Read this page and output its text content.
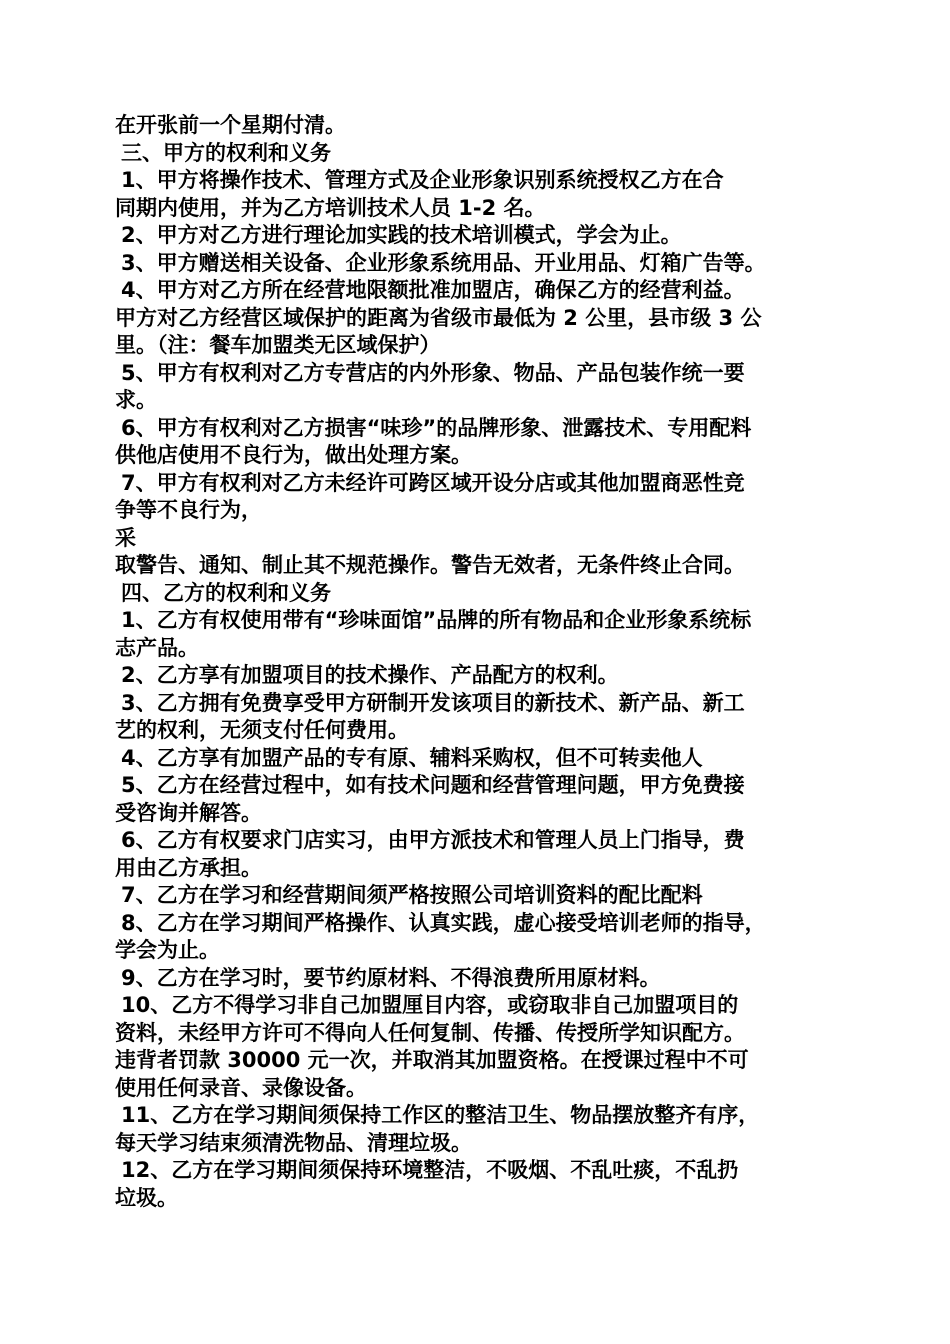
在开张前一个星期付清。
三、甲方的权利和义务
1、甲方将操作技术、管理方式及企业形象识别系统授权乙方在合
同期内使用，并为乙方培训技术人员 1-2 名。
2、甲方对乙方进行理论加实践的技术培训模式，学会为止。
3、甲方赠送相关设备、企业形象系统用品、开业用品、灯箱广告等。
4、甲方对乙方所在经营地限额批准加盟店，确保乙方的经营利益。
甲方对乙方经营区域保护的距离为省级市最低为 2 公里，县市级 3 公
里。（注：餐车加盟类无区域保护）
5、甲方有权利对乙方专营店的内外形象、物品、产品包装作统一要
求。
6、甲方有权利对乙方损害“味珍”的品牌形象、泄露技术、专用配料
供他店使用不良行为，做出处理方案。
7、甲方有权利对乙方未经许可跨区域开设分店或其他加盟商恶性竞
争等不良行为，
采
取警告、通知、制止其不规范操作。警告无效者，无条件终止合同。
四、乙方的权利和义务
1、乙方有权使用带有“珍味面馆”品牌的所有物品和企业形象系统标
志产品。
2、乙方享有加盟项目的技术操作、产品配方的权利。
3、乙方拥有免费享受甲方研制开发该项目的新技术、新产品、新工
艺的权利，无须支付任何费用。
4、乙方享有加盟产品的专有原、辅料采购权，但不可转卖他人
5、乙方在经营过程中，如有技术问题和经营管理问题，甲方免费接
受咨询并解答。
6、乙方有权要求门店实习，由甲方派技术和管理人员上门指导，费
用由乙方承担。
7、乙方在学习和经营期间须严格按照公司培训资料的配比配料
8、乙方在学习期间严格操作、认真实践，虚心接受培训老师的指导，
学会为止。
9、乙方在学习时，要节约原材料、不得浪费所用原材料。
10、乙方不得学习非自己加盟厘目内容，或窃取非自己加盟项目的
资料，未经甲方许可不得向人任何复制、传播、传授所学知识配方。
违背者罚款 30000 元一次，并取消其加盟资格。在授课过程中不可
使用任何录音、录像设备。
11、乙方在学习期间须保持工作区的整洁卫生、物品摆放整齐有序，
每天学习结束须清洗物品、清理垃圾。
12、乙方在学习期间须保持环境整洁，不吸烟、不乱吐痰，不乱扔
垃圾。
